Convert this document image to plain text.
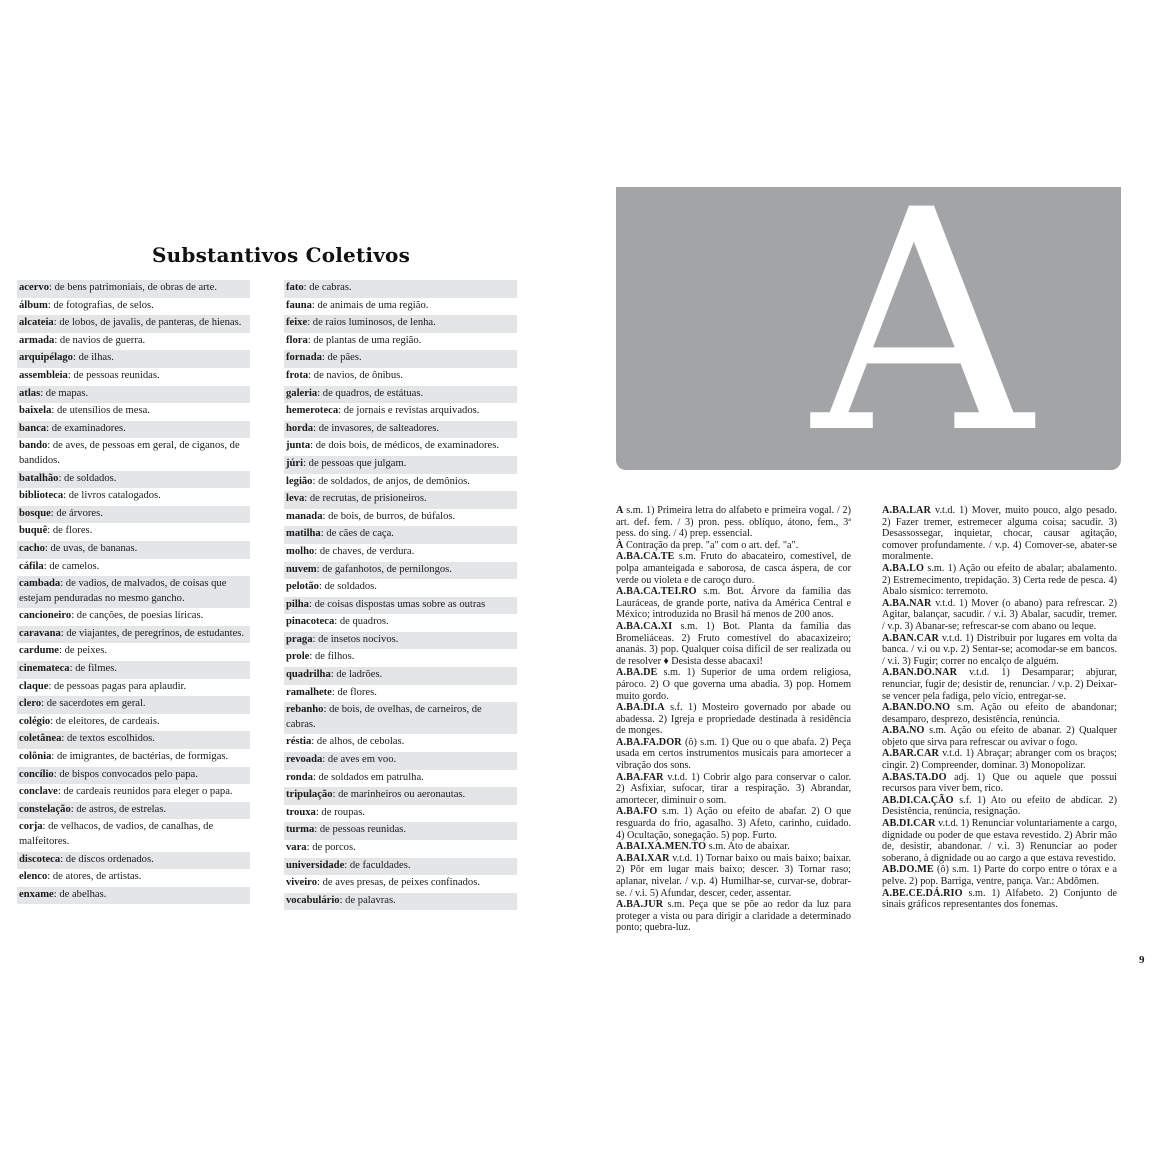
Substantivos Coletivos
acervo: de bens patrimoniais, de obras de arte.
álbum: de fotografias, de selos.
alcateia: de lobos, de javalis, de panteras, de hienas.
armada: de navios de guerra.
arquipélago: de ilhas.
assembleia: de pessoas reunidas.
atlas: de mapas.
baixela: de utensílios de mesa.
banca: de examinadores.
bando: de aves, de pessoas em geral, de ciganos, de bandidos.
batalhão: de soldados.
biblioteca: de livros catalogados.
bosque: de árvores.
buquê: de flores.
cacho: de uvas, de bananas.
cáfila: de camelos.
cambada: de vadios, de malvados, de coisas que estejam penduradas no mesmo gancho.
cancioneiro: de canções, de poesias líricas.
caravana: de viajantes, de peregrinos, de estudantes.
cardume: de peixes.
cinemateca: de filmes.
claque: de pessoas pagas para aplaudir.
clero: de sacerdotes em geral.
colégio: de eleitores, de cardeais.
coletânea: de textos escolhidos.
colônia: de imigrantes, de bactérias, de formigas.
concílio: de bispos convocados pelo papa.
conclave: de cardeais reunidos para eleger o papa.
constelação: de astros, de estrelas.
corja: de velhacos, de vadios, de canalhas, de malfeitores.
discoteca: de discos ordenados.
elenco: de atores, de artistas.
enxame: de abelhas.
fato: de cabras.
fauna: de animais de uma região.
feixe: de raios luminosos, de lenha.
flora: de plantas de uma região.
fornada: de pães.
frota: de navios, de ônibus.
galeria: de quadros, de estátuas.
hemeroteca: de jornais e revistas arquivados.
horda: de invasores, de salteadores.
junta: de dois bois, de médicos, de examinadores.
júri: de pessoas que julgam.
legião: de soldados, de anjos, de demônios.
leva: de recrutas, de prisioneiros.
manada: de bois, de burros, de búfalos.
matilha: de cães de caça.
molho: de chaves, de verdura.
nuvem: de gafanhotos, de pernilongos.
pelotão: de soldados.
pilha: de coisas dispostas umas sobre as outras
pinacoteca: de quadros.
praga: de insetos nocivos.
prole: de filhos.
quadrilha: de ladrões.
ramalhete: de flores.
rebanho: de bois, de ovelhas, de carneiros, de cabras.
réstia: de alhos, de cebolas.
revoada: de aves em voo.
ronda: de soldados em patrulha.
tripulação: de marinheiros ou aeronautas.
trouxa: de roupas.
turma: de pessoas reunidas.
vara: de porcos.
universidade: de faculdades.
viveiro: de aves presas, de peixes confinados.
vocabulário: de palavras.
A

A s.m. 1) Primeira letra do alfabeto e primeira vogal. / 2) art. def. fem. / 3) pron. pess. oblíquo, átono, fem., 3ª pess. do sing. / 4) prep. essencial.

À Contração da prep. "a" com o art. def. "a".

A.BA.CA.TE s.m. Fruto do abacateiro, comestível, de polpa amanteigada e saborosa, de casca áspera, de cor verde ou violeta e de caroço duro.

A.BA.CA.TEI.RO s.m. Bot. Árvore da família das Lauráceas, de grande porte, nativa da América Central e México; introduzida no Brasil há menos de 200 anos.

A.BA.CA.XI s.m. 1) Bot. Planta da família das Bromeliáceas. 2) Fruto comestível do abacaxizeiro; ananás. 3) pop. Qualquer coisa difícil de ser realizada ou de resolver ♦ Desista desse abacaxi!

A.BA.DE s.m. 1) Superior de uma ordem religiosa, pároco. 2) O que governa uma abadia. 3) pop. Homem muito gordo.

A.BA.DI.A s.f. 1) Mosteiro governado por abade ou abadessa. 2) Igreja e propriedade destinada à residência de monges.

A.BA.FA.DOR (ô) s.m. 1) Que ou o que abafa. 2) Peça usada em certos instrumentos musicais para amortecer a vibração dos sons.

A.BA.FAR v.t.d. 1) Cobrir algo para conservar o calor. 2) Asfixiar, sufocar, tirar a respiração. 3) Abrandar, amortecer, diminuir o som.

A.BA.FO s.m. 1) Ação ou efeito de abafar. 2) O que resguarda do frio, agasalho. 3) Afeto, carinho, cuidado. 4) Ocultação, sonegação. 5) pop. Furto.

A.BAI.XA.MEN.TO s.m. Ato de abaixar.

A.BAI.XAR v.t.d. 1) Tornar baixo ou mais baixo; baixar. 2) Pôr em lugar mais baixo; descer. 3) Tornar raso; aplanar, nivelar. / v.p. 4) Humilhar-se, curvar-se, dobrar-se. / v.i. 5) Afundar, descer, ceder, assentar.

A.BA.JUR s.m. Peça que se põe ao redor da luz para proteger a vista ou para dirigir a claridade a determinado ponto; quebra-luz.

A.BA.LAR v.t.d. 1) Mover, muito pouco, algo pesado. 2) Fazer tremer, estremecer alguma coisa; sacudir. 3) Desassossegar, inquietar, chocar, causar agitação, comover profundamente. / v.p. 4) Comover-se, abater-se moralmente.

A.BA.LO s.m. 1) Ação ou efeito de abalar; abalamento. 2) Estremecimento, trepidação. 3) Certa rede de pesca. 4) Abalo sísmico: terremoto.

A.BA.NAR v.t.d. 1) Mover (o abano) para refrescar. 2) Agitar, balançar, sacudir. / v.i. 3) Abalar, sacudir, tremer. / v.p. 3) Abanar-se; refrescar-se com abano ou leque.

A.BAN.CAR v.t.d. 1) Distribuir por lugares em volta da banca. / v.i ou v.p. 2) Sentar-se; acomodar-se em bancos. / v.i. 3) Fugir; correr no encalço de alguém.

A.BAN.DO.NAR v.t.d. 1) Desamparar; abjurar, renunciar, fugir de; desistir de, renunciar. / v.p. 2) Deixar-se vencer pela fadiga, pelo vício, entregar-se.

A.BAN.DO.NO s.m. Ação ou efeito de abandonar; desamparo, desprezo, desistência, renúncia.

A.BA.NO s.m. Ação ou efeito de abanar. 2) Qualquer objeto que sirva para refrescar ou avivar o fogo.

A.BAR.CAR v.t.d. 1) Abraçar; abranger com os braços; cingir. 2) Compreender, dominar. 3) Monopolizar.

A.BAS.TA.DO adj. 1) Que ou aquele que possui recursos para viver bem, rico.

AB.DI.CA.ÇÃO s.f. 1) Ato ou efeito de abdicar. 2) Desistência, renúncia, resignação.

AB.DI.CAR v.t.d. 1) Renunciar voluntariamente a cargo, dignidade ou poder de que estava revestido. 2) Abrir mão de, desistir, abandonar. / v.i. 3) Renunciar ao poder soberano, à dignidade ou ao cargo a que estava revestido.

AB.DO.ME (ô) s.m. 1) Parte do corpo entre o tórax e a pelve. 2) pop. Barriga, ventre, pança. Var.: Abdômen.

A.BE.CE.DÁ.RIO s.m. 1) Alfabeto. 2) Conjunto de sinais gráficos representantes dos fonemas.

9
